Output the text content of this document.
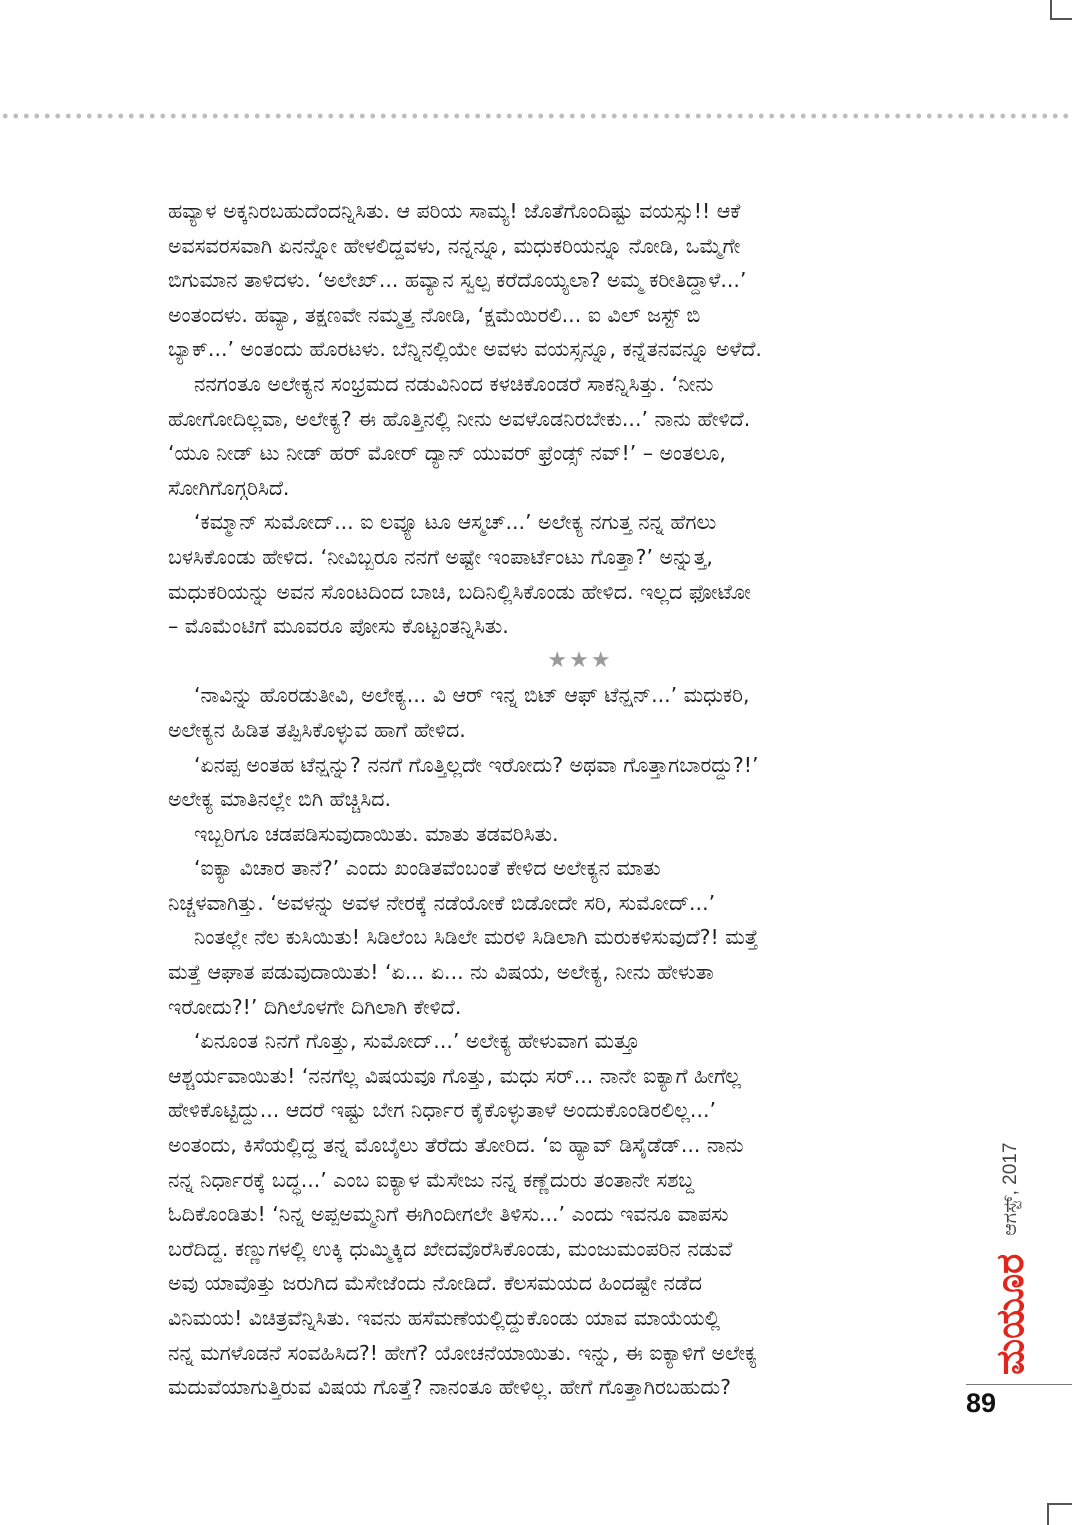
ಹವ್ಯಾಳ ಅಕ್ಕನಿರಬಹುದೆಂದನ್ನಿಸಿತು. ಆ ಪರಿಯ ಸಾಮ್ಯ! ಜೊತೆಗೊಂದಿಷ್ಟು ವಯಸ್ಸು!! ಆಕೆ
ಅವಸವರಸವಾಗಿ ಏನನ್ನೋ ಹೇಳಲಿದ್ದವಳು, ನನ್ನನ್ನೂ, ಮಧುಕರಿಯನ್ನೂ ನೋಡಿ, ಒಮ್ಮೆಗೇ
ಬಿಗುಮಾನ ತಾಳಿದಳು. ‘ಅಲೇಖ್... ಹವ್ಯಾನ ಸ್ವಲ್ಪ ಕರೆದೊಯ್ಯಲಾ? ಅಮ್ಮ ಕರೀತಿದ್ದಾಳೆ...’
ಅಂತಂದಳು. ಹವ್ಯಾ, ತಕ್ಷಣವೇ ನಮ್ಮತ್ತ ನೋಡಿ, ‘ಕ್ಷಮೆಯಿರಲಿ... ಐ ವಿಲ್ ಜಸ್ಟ್ ಬಿ
ಬ್ಯಾಕ್...’ ಅಂತಂದು ಹೊರಟಳು. ಬೆನ್ನಿನಲ್ಲಿಯೇ ಅವಳು ವಯಸ್ಸನ್ನೂ, ಕನ್ನೆತನವನ್ನೂ ಅಳೆದೆ.
ನನಗಂತೂ ಅಲೇಕ್ಯನ ಸಂಭ್ರಮದ ನಡುವಿನಿಂದ ಕಳಚಿಕೊಂಡರೆ ಸಾಕನ್ನಿಸಿತ್ತು. ‘ನೀನು
ಹೋಗೋದಿಲ್ಲವಾ, ಅಲೇಕ್ಯ? ಈ ಹೊತ್ತಿನಲ್ಲಿ ನೀನು ಅವಳೊಡನಿರಬೇಕು...’ ನಾನು ಹೇಳಿದೆ.
‘ಯೂ ನೀಡ್ ಟು ನೀಡ್ ಹರ್ ಮೋರ್ ದ್ಯಾನ್ ಯುವರ್ ಫ್ರೆಂಡ್ಸ್ ನವ್!’ – ಅಂತಲೂ,
ಸೋಗಿಗೊಗ್ಗರಿಸಿದೆ.
‘ಕಮ್ಮಾನ್ ಸುಮೋದ್... ಐ ಲವ್ಯೂ ಟೂ ಆಸ್ಮಚ್...’ ಅಲೇಕ್ಯ ನಗುತ್ತ ನನ್ನ ಹೆಗಲು
ಬಳಸಿಕೊಂಡು ಹೇಳಿದ. ‘ನೀವಿಬ್ಬರೂ ನನಗೆ ಅಷ್ಟೇ ಇಂಪಾರ್ಟೆಂಟು ಗೊತ್ತಾ?’ ಅನ್ನುತ್ತ,
ಮಧುಕರಿಯನ್ನು ಅವನ ಸೊಂಟದಿಂದ ಬಾಚಿ, ಬದಿನಿಲ್ಲಿಸಿಕೊಂಡು ಹೇಳಿದ. ಇಲ್ಲದ ಫೋಟೋ
– ಮೊಮೆಂಟಿಗೆ ಮೂವರೂ ಪೋಸು ಕೊಟ್ಟಂತನ್ನಿಸಿತು.
★★★
‘ನಾವಿನ್ನು ಹೊರಡುತೀವಿ, ಅಲೇಕ್ಯ... ವಿ ಆರ್ ಇನ್ನ ಬಿಟ್ ಆಫ್ ಟೆನ್ಷನ್...’ ಮಧುಕರಿ,
ಅಲೇಕ್ಯನ ಹಿಡಿತ ತಪ್ಪಿಸಿಕೊಳ್ಳುವ ಹಾಗೆ ಹೇಳಿದ.
‘ಏನಪ್ಪ ಅಂತಹ ಟೆನ್ಷನ್ನು? ನನಗೆ ಗೊತ್ತಿಲ್ಲದೇ ಇರೋದು? ಅಥವಾ ಗೊತ್ತಾಗಬಾರದ್ದು?!’
ಅಲೇಕ್ಯ ಮಾತಿನಲ್ಲೇ ಬಿಗಿ ಹೆಚ್ಚಿಸಿದ.
ಇಬ್ಬರಿಗೂ ಚಡಪಡಿಸುವುದಾಯಿತು. ಮಾತು ತಡವರಿಸಿತು.
‘ಐಕ್ಯಾ ವಿಚಾರ ತಾನೆ?’ ಎಂದು ಖಂಡಿತವೆಂಬಂತೆ ಕೇಳಿದ ಅಲೇಕ್ಯನ ಮಾತು
ನಿಚ್ಚಳವಾಗಿತ್ತು. ‘ಅವಳನ್ನು ಅವಳ ನೇರಕ್ಕೆ ನಡೆಯೋಕೆ ಬಿಡೋದೇ ಸರಿ, ಸುಮೋದ್...’
ನಿಂತಲ್ಲೇ ನೆಲ ಕುಸಿಯಿತು! ಸಿಡಿಲೆಂಬ ಸಿಡಿಲೇ ಮರಳಿ ಸಿಡಿಲಾಗಿ ಮರುಕಳಿಸುವುದೆ?! ಮತ್ತೆ
ಮತ್ತೆ ಆಘಾತ ಪಡುವುದಾಯಿತು! ‘ಏ... ಏ... ನು ವಿಷಯ, ಅಲೇಕ್ಯ, ನೀನು ಹೇಳುತಾ
ಇರೋದು?!’ ದಿಗಿಲೊಳಗೇ ದಿಗಿಲಾಗಿ ಕೇಳಿದೆ.
‘ಏನೂಂತ ನಿನಗೆ ಗೊತ್ತು, ಸುಮೋದ್...’ ಅಲೇಕ್ಯ ಹೇಳುವಾಗ ಮತ್ತೂ
ಆಶ್ಚರ್ಯವಾಯಿತು! ‘ನನಗೆಲ್ಲ ವಿಷಯವೂ ಗೊತ್ತು, ಮಧು ಸರ್... ನಾನೇ ಐಕ್ಯಾಗೆ ಹೀಗೆಲ್ಲ
ಹೇಳಿಕೊಟ್ಟಿದ್ದು... ಆದರೆ ಇಷ್ಟು ಬೇಗ ನಿರ್ಧಾರ ಕೈಕೊಳ್ಳುತಾಳೆ ಅಂದುಕೊಂಡಿರಲಿಲ್ಲ...’
ಅಂತಂದು, ಕಿಸೆಯಲ್ಲಿದ್ದ ತನ್ನ ಮೊಬೈಲು ತೆರೆದು ತೋರಿದ. ‘ಐ ಹ್ಯಾವ್ ಡಿಸೈಡೆಡ್... ನಾನು
ನನ್ನ ನಿರ್ಧಾರಕ್ಕೆ ಬದ್ಧ...’ ಎಂಬ ಐಕ್ಯಾಳ ಮೆಸೇಜು ನನ್ನ ಕಣ್ಣೆದುರು ತಂತಾನೇ ಸಶಬ್ದ
ಓದಿಕೊಂಡಿತು! ‘ನಿನ್ನ ಅಪ್ಪಅಮ್ಮನಿಗೆ ಈಗಿಂದೀಗಲೇ ತಿಳಿಸು...’ ಎಂದು ಇವನೂ ವಾಪಸು
ಬರೆದಿದ್ದ. ಕಣ್ಣುಗಳಲ್ಲಿ ಉಕ್ಕಿ ಧುಮ್ಮಿಕ್ಕಿದ ಖೇದವೊರೆಸಿಕೊಂಡು, ಮಂಜುಮಂಪರಿನ ನಡುವೆ
ಅವು ಯಾವೊತ್ತು ಜರುಗಿದ ಮೆಸೇಜೆಂದು ನೋಡಿದೆ. ಕೆಲಸಮಯದ ಹಿಂದಷ್ಟೇ ನಡೆದ
ವಿನಿಮಯ! ವಿಚಿತ್ರವೆನ್ನಿಸಿತು. ಇವನು ಹಸೆಮಣೆಯಲ್ಲಿದ್ದುಕೊಂಡು ಯಾವ ಮಾಯೆಯಲ್ಲಿ
ನನ್ನ ಮಗಳೊಡನೆ ಸಂವಹಿಸಿದ?! ಹೇಗೆ? ಯೋಚನೆಯಾಯಿತು. ಇನ್ನು, ಈ ಐಕ್ಯಾಳಿಗೆ ಅಲೇಕ್ಯ
ಮದುವೆಯಾಗುತ್ತಿರುವ ವಿಷಯ ಗೊತ್ತೆ? ನಾನಂತೂ ಹೇಳಿಲ್ಲ. ಹೇಗೆ ಗೊತ್ತಾಗಿರಬಹುದು?
ಮಯೂರ
ಆಗಸ್ಟ್, 2017
89
